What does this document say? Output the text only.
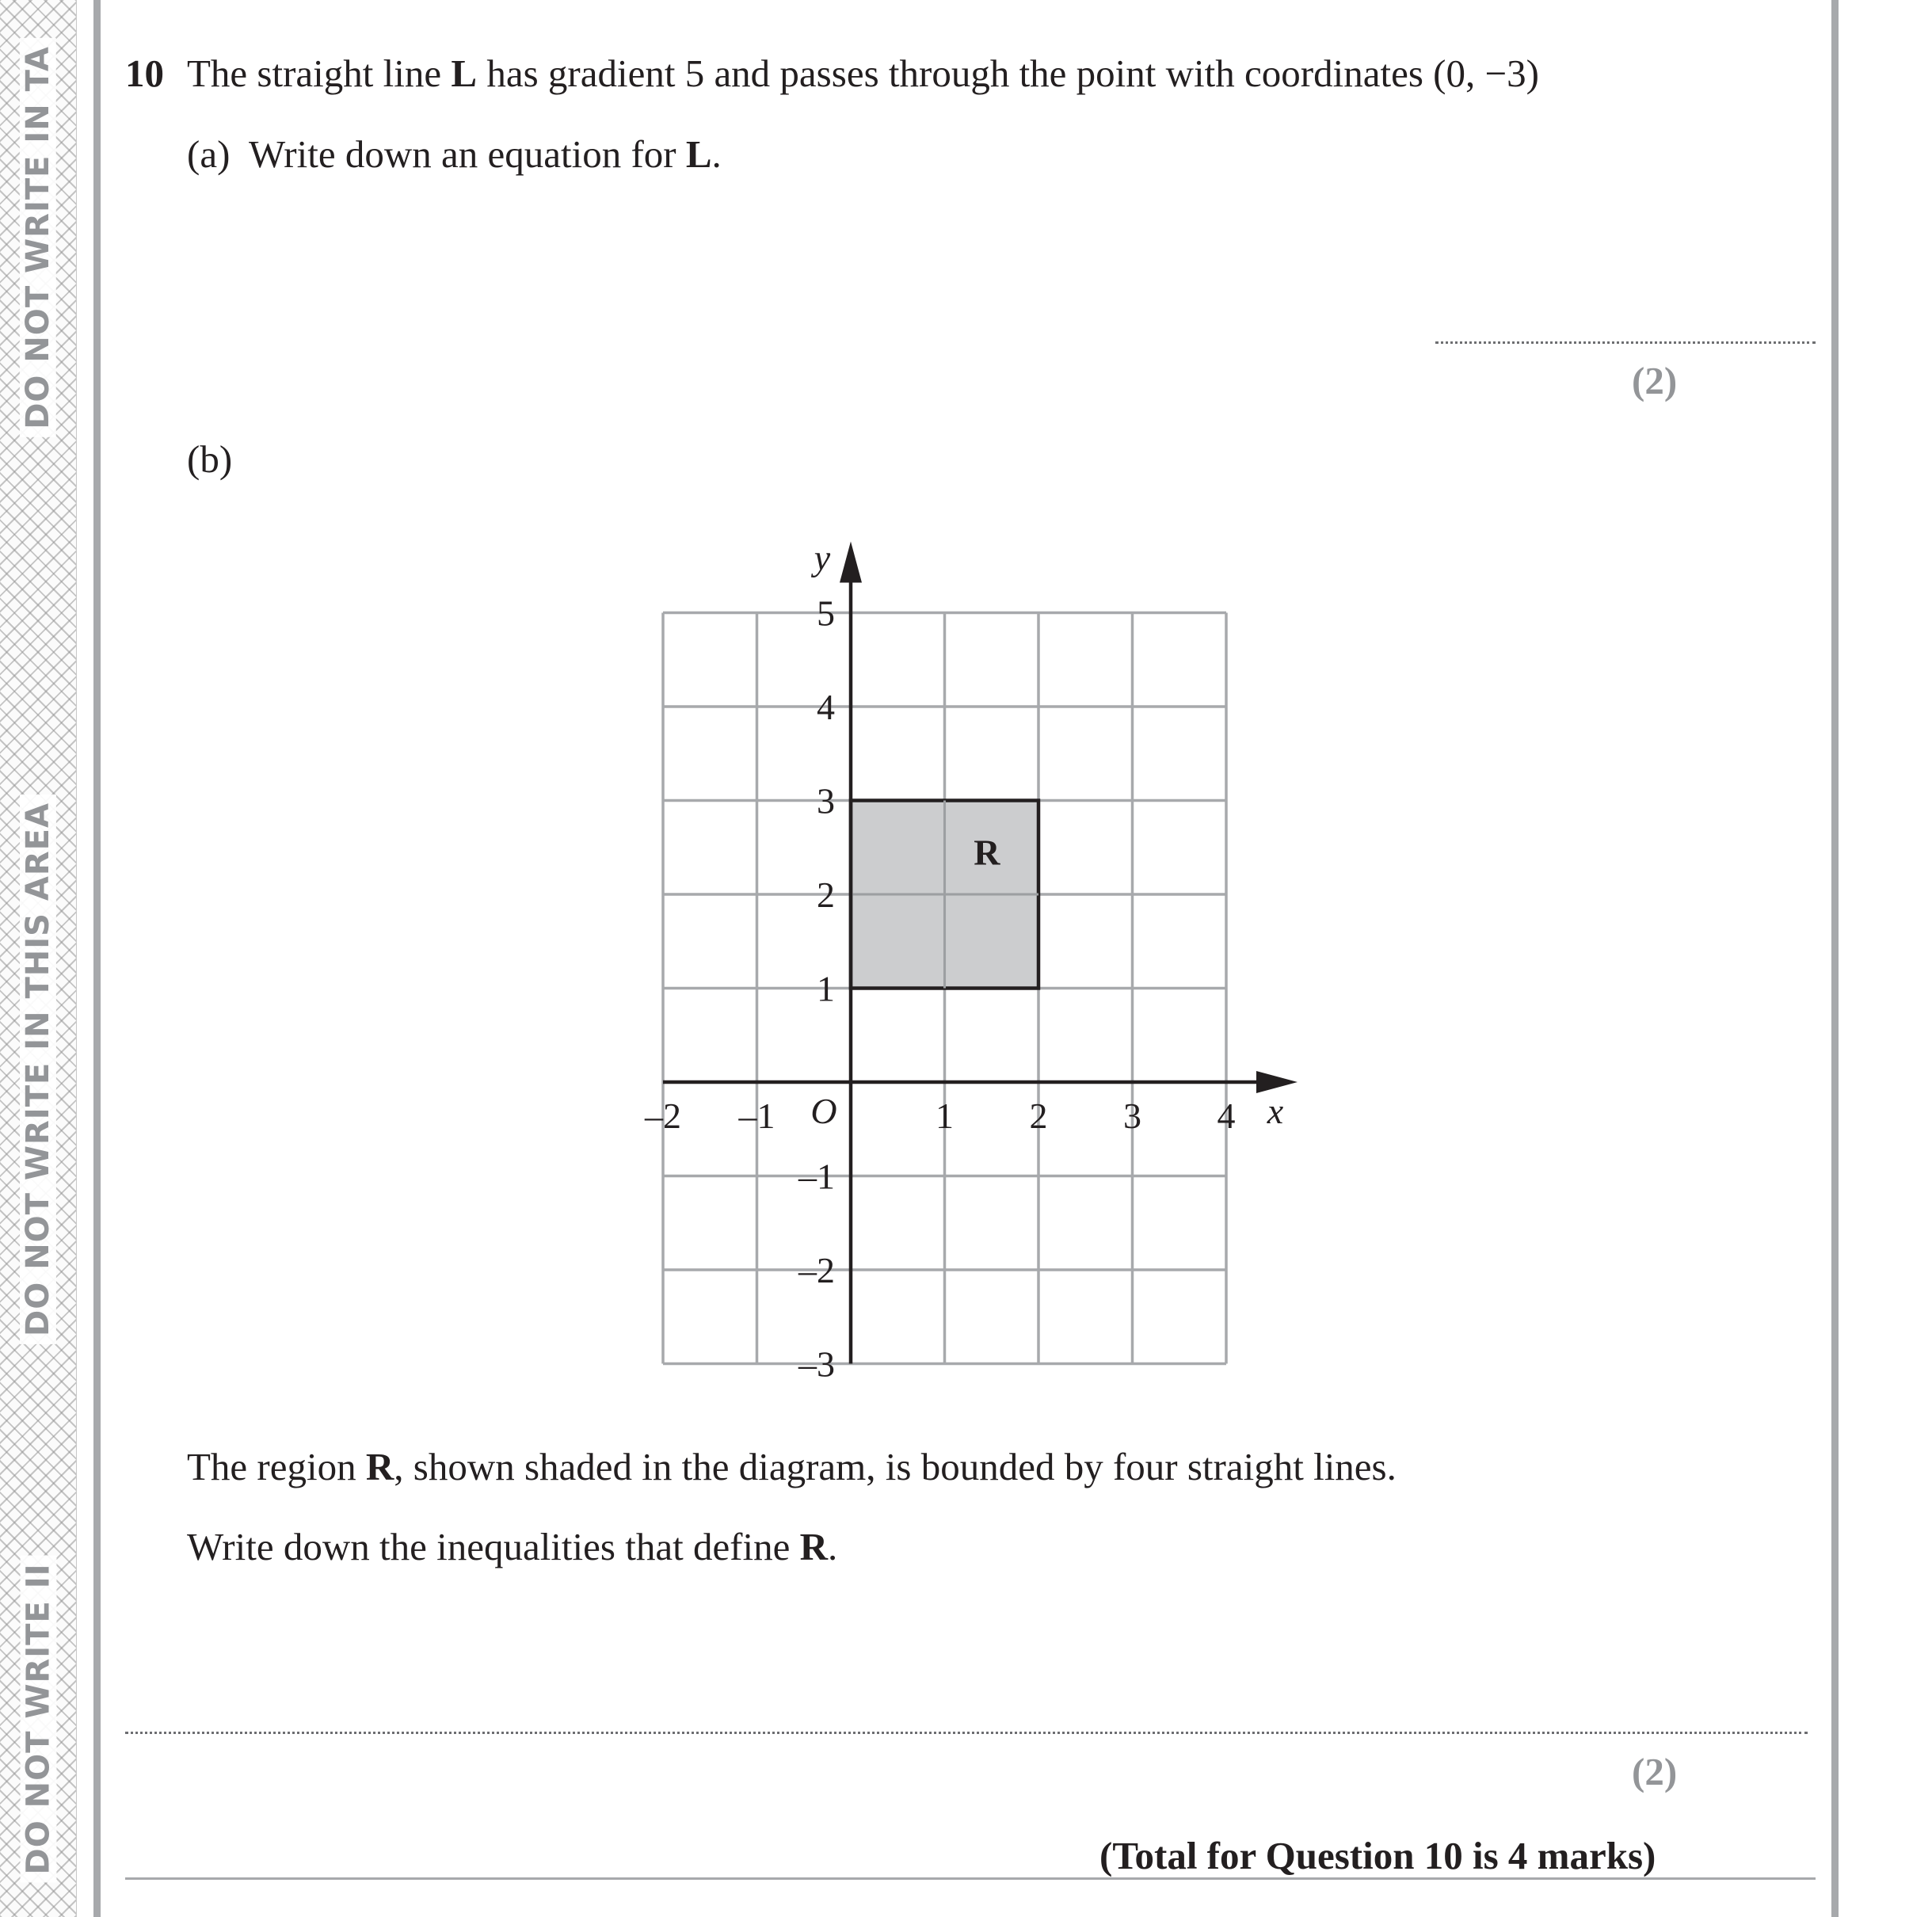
DO NOT WRITE IN TA
DO NOT WRITE IN THIS AREA
DO NOT WRITE II
10 The straight line L has gradient 5 and passes through the point with coordinates (0, −3)
(a) Write down an equation for L.
(2)
(b)
–2 –1	1 2 3 4
5
4
3
2
1
–1
–2
–3
R
O	x
y
The region R, shown shaded in the diagram, is bounded by four straight lines.
Write down the inequalities that define R.
(2)
(Total for Question 10 is 4 marks)
